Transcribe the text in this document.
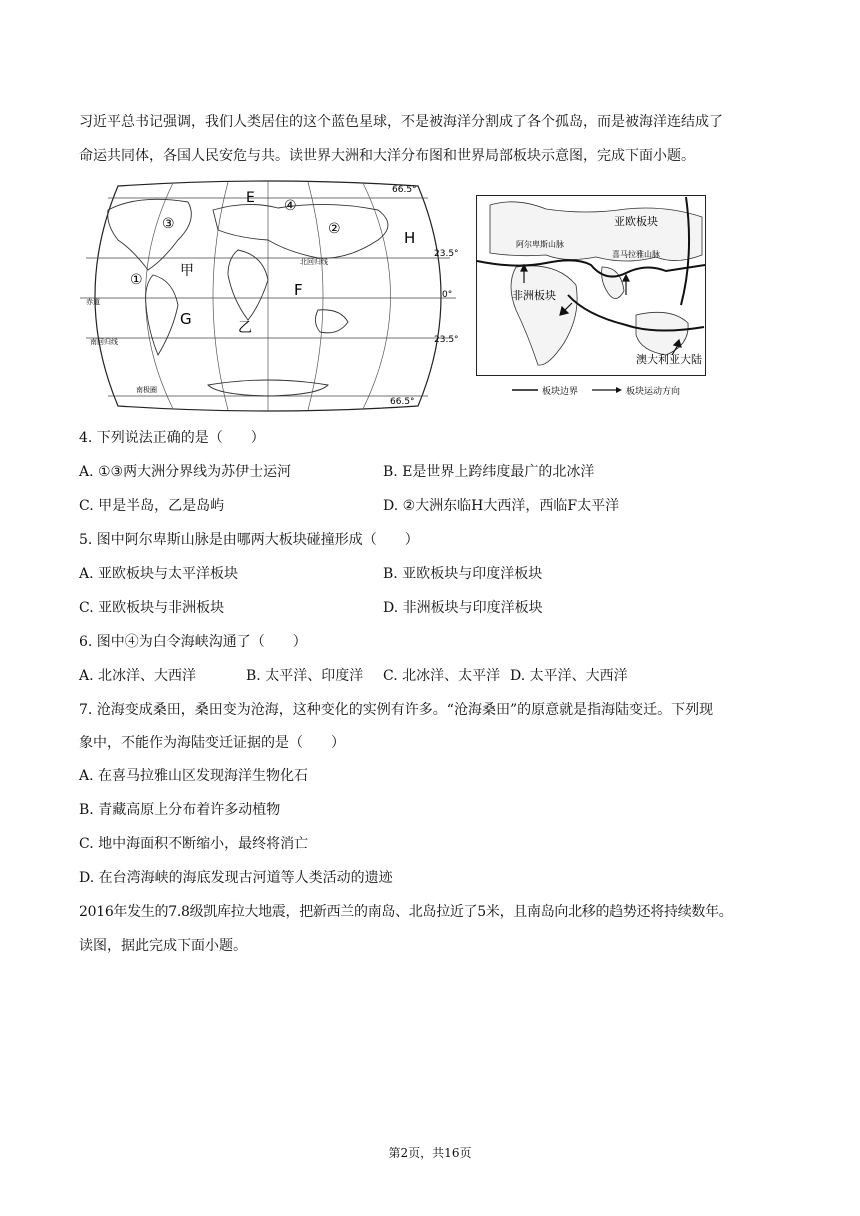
习近平总书记强调，我们人类居住的这个蓝色星球，不是被海洋分割成了各个孤岛，而是被海洋连结成了
命运共同体，各国人民安危与共。读世界大洲和大洋分布图和世界局部板块示意图，完成下面小题。
66.5°
23.5°
0°
23.5°
66.5°
赤道
北回归线
南回归线
南极圈
E ④
③	②	H
①
甲
F
G	乙
亚欧板块
非洲板块
澳大利亚大陆
阿尔卑斯山脉
喜马拉雅山脉
板块边界	板块运动方向
4. 下列说法正确的是（　　）
A. ①③两大洲分界线为苏伊士运河	B. E是世界上跨纬度最广的北冰洋
C. 甲是半岛，乙是岛屿	D. ②大洲东临H大西洋，西临F太平洋
5. 图中阿尔卑斯山脉是由哪两大板块碰撞形成（　　）
A. 亚欧板块与太平洋板块	B. 亚欧板块与印度洋板块
C. 亚欧板块与非洲板块	D. 非洲板块与印度洋板块
6. 图中④为白令海峡沟通了（　　）
A. 北冰洋、大西洋	B. 太平洋、印度洋 C. 北冰洋、太平洋 D. 太平洋、大西洋
7. 沧海变成桑田，桑田变为沧海，这种变化的实例有许多。“沧海桑田”的原意就是指海陆变迁。下列现
象中，不能作为海陆变迁证据的是（　　）
A. 在喜马拉雅山区发现海洋生物化石
B. 青藏高原上分布着许多动植物
C. 地中海面积不断缩小，最终将消亡
D. 在台湾海峡的海底发现古河道等人类活动的遗迹
2016年发生的7.8级凯库拉大地震，把新西兰的南岛、北岛拉近了5米，且南岛向北移的趋势还将持续数年。
读图，据此完成下面小题。
第2页，共16页
